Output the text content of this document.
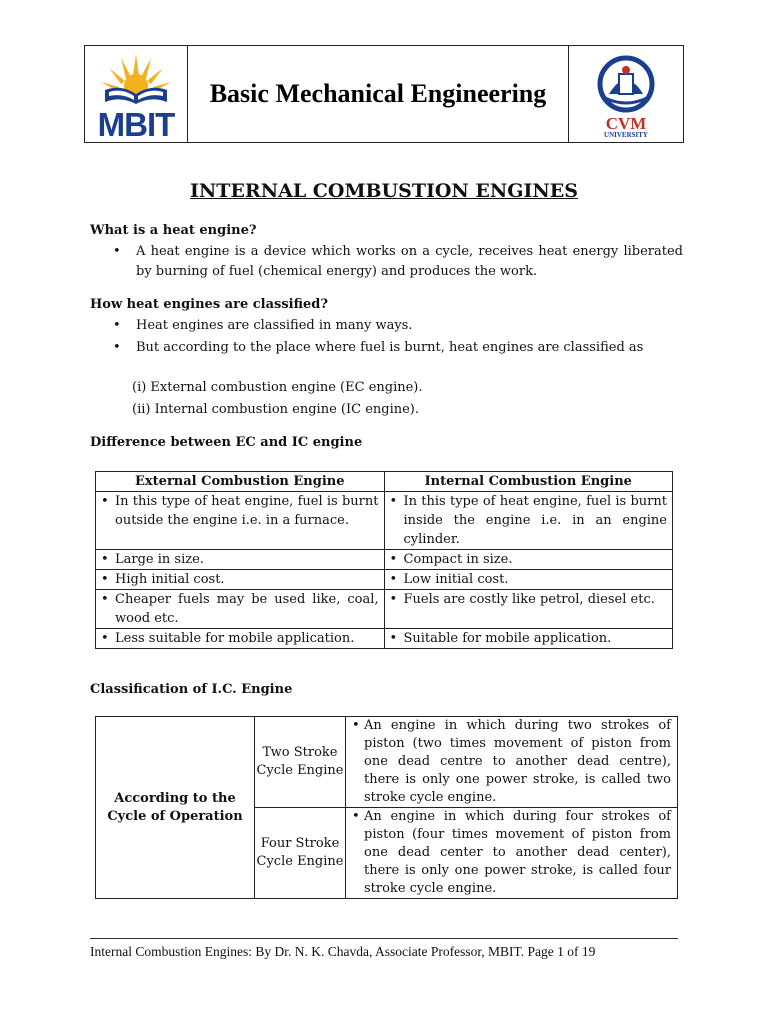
MBIT
Basic Mechanical Engineering
CVM
UNIVERSITY
INTERNAL COMBUSTION ENGINES
What is a heat engine?
• A heat engine is a device which works on a cycle, receives heat energy liberated by burning of fuel (chemical energy) and produces the work.
How heat engines are classified?
• Heat engines are classified in many ways.
• But according to the place where fuel is burnt, heat engines are classified as
(i) External combustion engine (EC engine).
(ii) Internal combustion engine (IC engine).
Difference between EC and IC engine
External Combustion Engine	Internal Combustion Engine

• In this type of heat engine, fuel is burnt outside the engine i.e. in a furnace.	• In this type of heat engine, fuel is burnt inside the engine i.e. in an engine cylinder.

• Large in size.	• Compact in size.

• High initial cost.	• Low initial cost.

• Cheaper fuels may be used like, coal, wood etc.	• Fuels are costly like petrol, diesel etc.

• Less suitable for mobile application.	• Suitable for mobile application.
Classification of I.C. Engine
According to the Cycle of Operation	Two Stroke Cycle Engine	• An engine in which during two strokes of piston (two times movement of piston from one dead centre to another dead centre), there is only one power stroke, is called two stroke cycle engine.

	Four Stroke Cycle Engine	• An engine in which during four strokes of piston (four times movement of piston from one dead center to another dead center), there is only one power stroke, is called four stroke cycle engine.
Internal Combustion Engines: By Dr. N. K. Chavda, Associate Professor, MBIT. Page 1 of 19
